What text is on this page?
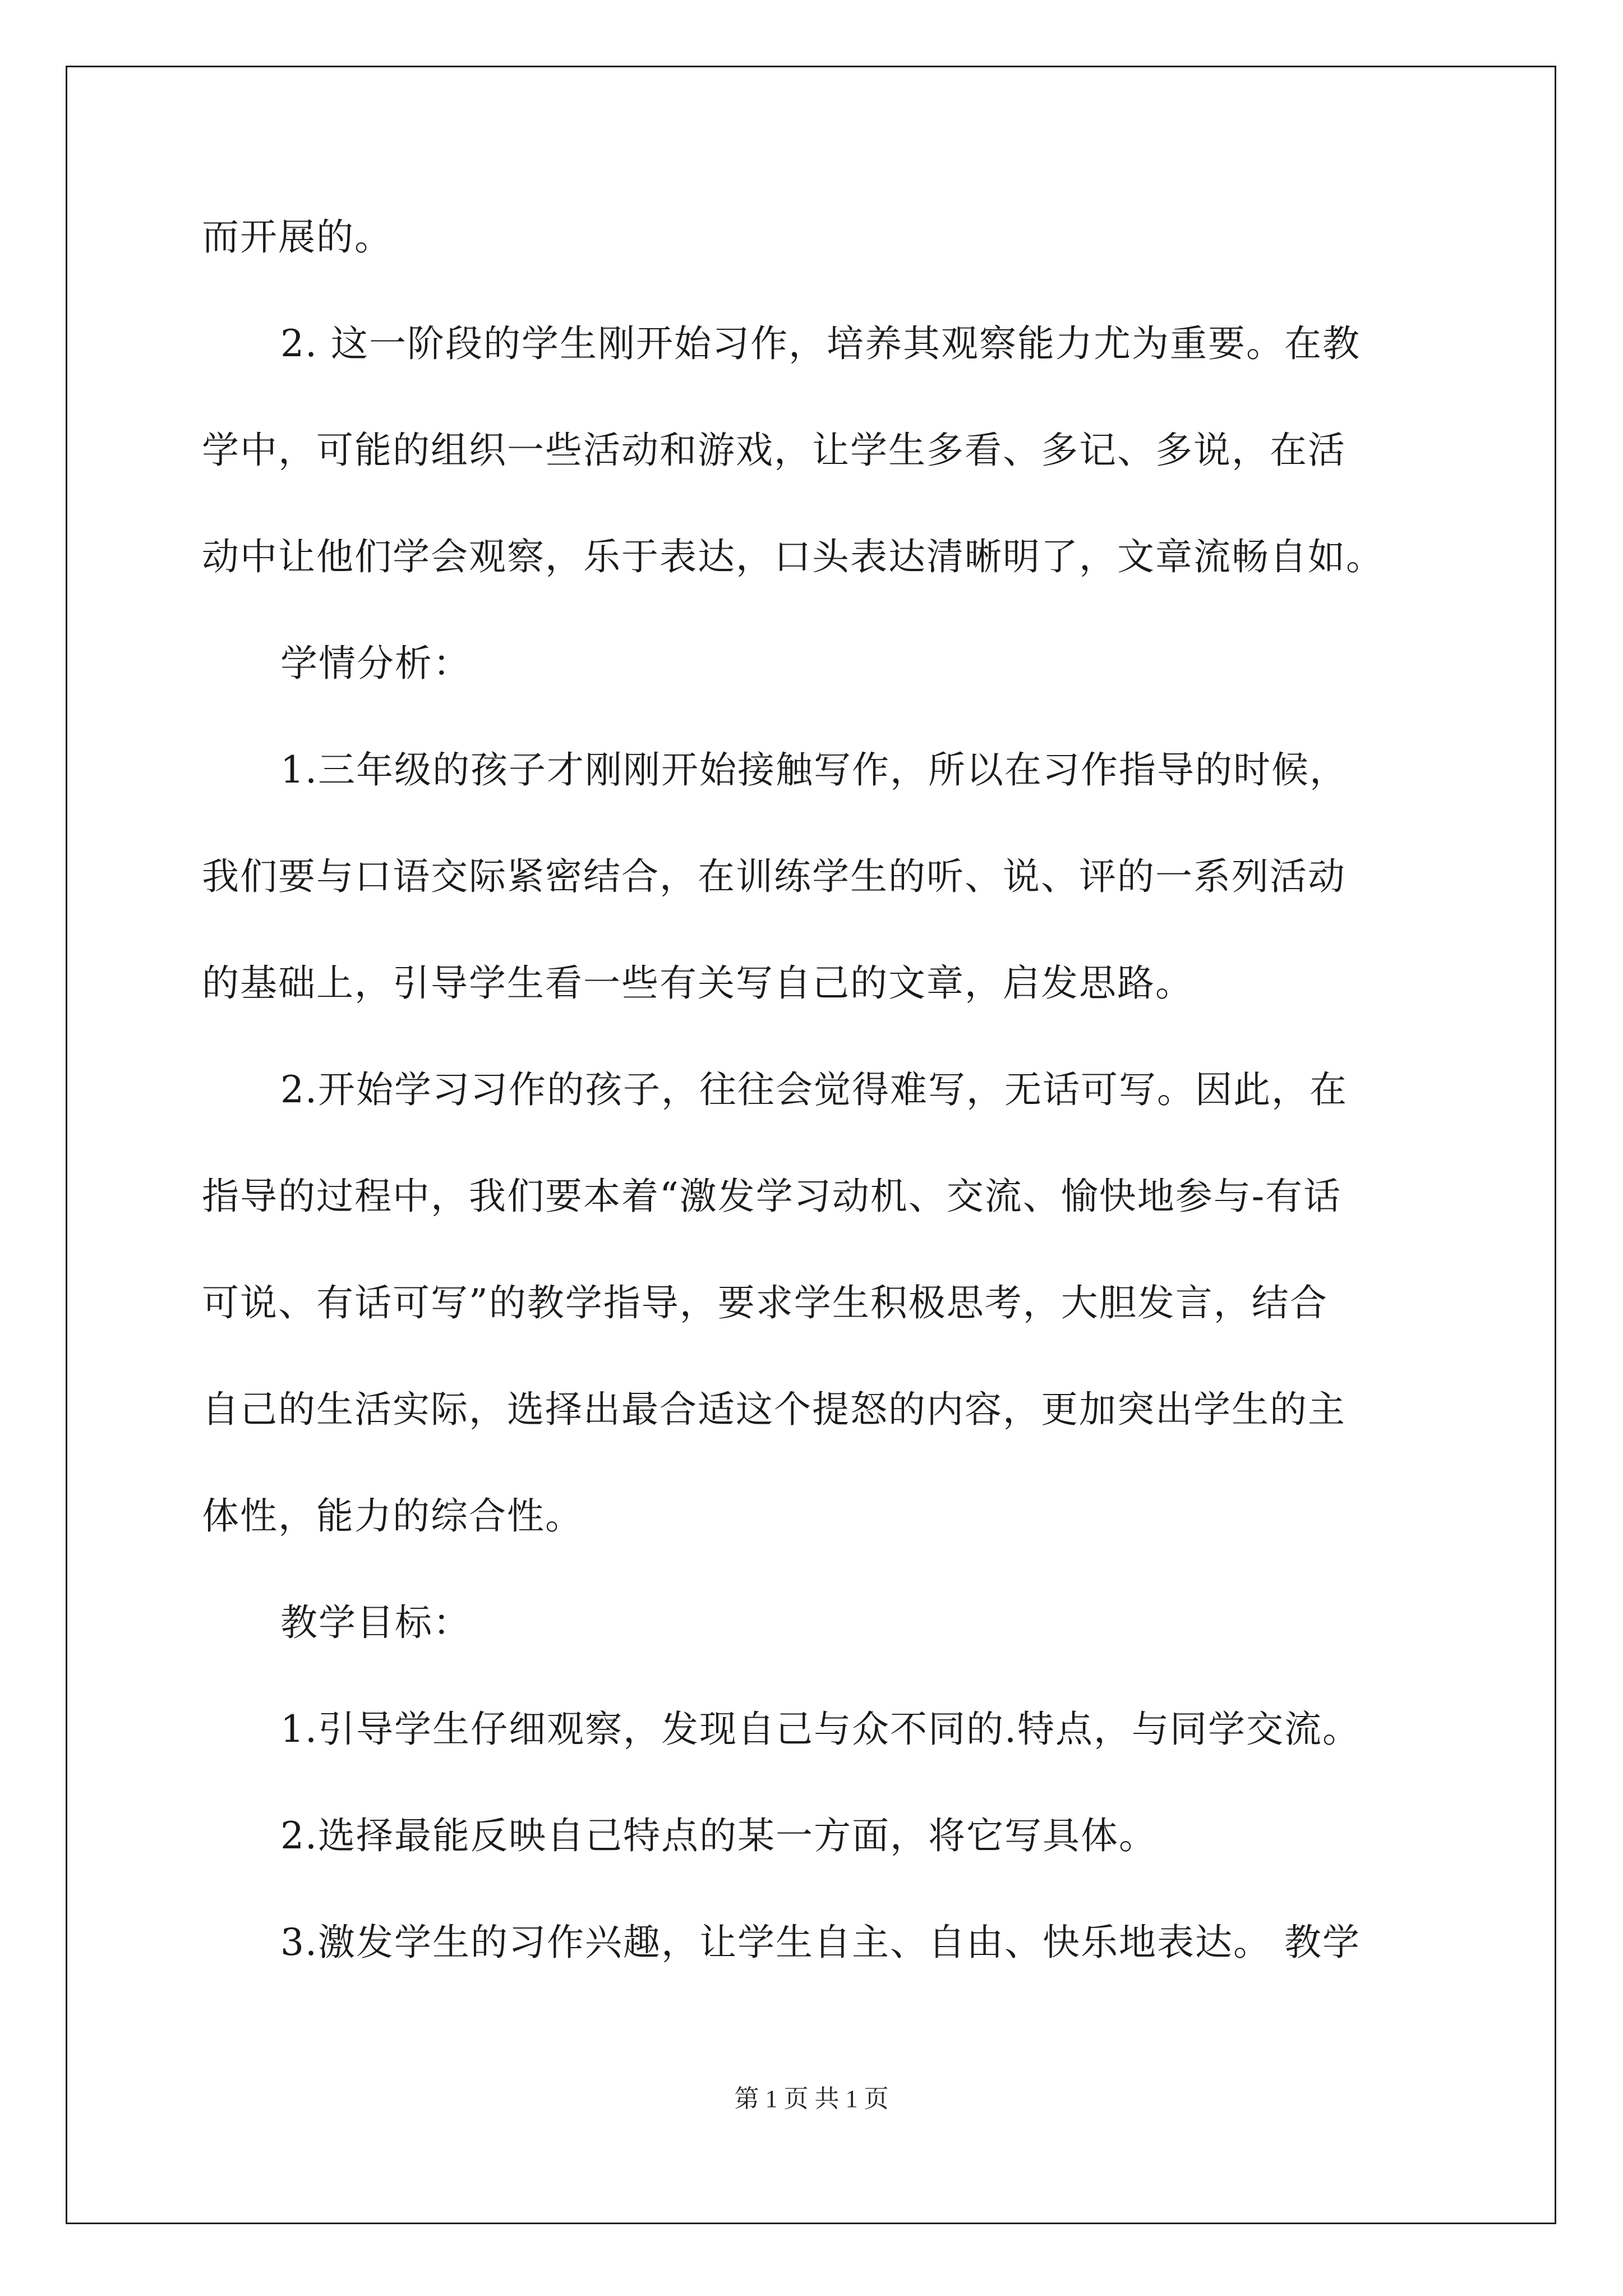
而开展的。
2. 这一阶段的学生刚开始习作，培养其观察能力尤为重要。在教
学中，可能的组织一些活动和游戏，让学生多看、多记、多说，在活
动中让他们学会观察，乐于表达，口头表达清晰明了，文章流畅自如。
学情分析：
1.三年级的孩子才刚刚开始接触写作，所以在习作指导的时候，
我们要与口语交际紧密结合，在训练学生的听、说、评的一系列活动
的基础上，引导学生看一些有关写自己的文章，启发思路。
2.开始学习习作的孩子，往往会觉得难写，无话可写。因此，在
指导的过程中，我们要本着“激发学习动机、交流、愉快地参与-有话
可说、有话可写”的教学指导，要求学生积极思考，大胆发言，结合
自己的生活实际，选择出最合适这个提怒的内容，更加突出学生的主
体性，能力的综合性。
教学目标：
1.引导学生仔细观察，发现自己与众不同的.特点，与同学交流。
2.选择最能反映自己特点的某一方面，将它写具体。
3.激发学生的习作兴趣，让学生自主、自由、快乐地表达。 教学
第 1 页 共 1 页
